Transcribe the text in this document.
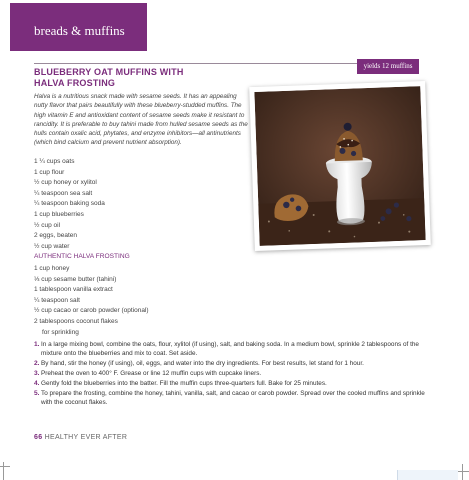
breads & muffins
yields 12 muffins
BLUEBERRY OAT MUFFINS WITH
HALVA FROSTING
Halva is a nutritious snack made with sesame seeds. It has an appealing nutty flavor that pairs beautifully with these blueberry-studded muffins. The high vitamin E and antioxidant content of sesame seeds make it resistant to rancidity. It is preferable to buy tahini made from hulled sesame seeds as the hulls contain oxalic acid, phytates, and enzyme inhibitors—all antinutrients (which bind calcium and prevent nutrient absorption).
1 ¼ cups oats
1 cup flour
½ cup honey or xylitol
¼ teaspoon sea salt
¼ teaspoon baking soda
1 cup blueberries
½ cup oil
2 eggs, beaten
½ cup water
AUTHENTIC HALVA FROSTING
1 cup honey
⅓ cup sesame butter (tahini)
1 tablespoon vanilla extract
¼ teaspoon salt
½ cup cacao or carob powder (optional)
2 tablespoons coconut flakes
for sprinkling
1. In a large mixing bowl, combine the oats, flour, xylitol (if using), salt, and baking soda. In a medium bowl, sprinkle 2 tablespoons of the mixture onto the blueberries and mix to coat. Set aside.
2. By hand, stir the honey (if using), oil, eggs, and water into the dry ingredients. For best results, let stand for 1 hour.
3. Preheat the oven to 400° F. Grease or line 12 muffin cups with cupcake liners.
4. Gently fold the blueberries into the batter. Fill the muffin cups three-quarters full. Bake for 25 minutes.
5. To prepare the frosting, combine the honey, tahini, vanilla, salt, and cacao or carob powder. Spread over the cooled muffins and sprinkle with the coconut flakes.
66 HEALTHY EVER AFTER
